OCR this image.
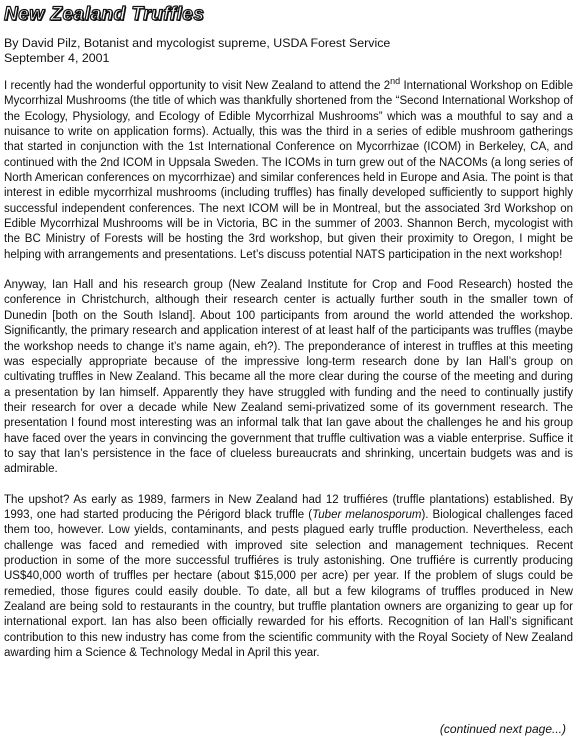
New Zealand Truffles

By David Pilz, Botanist and mycologist supreme, USDA Forest Service

September 4, 2001

I recently had the wonderful opportunity to visit New Zealand to attend the 2nd International Workshop on Edible Mycorrhizal Mushrooms (the title of which was thankfully shortened from the “Second International Workshop of the Ecology, Physiology, and Ecology of Edible Mycorrhizal Mushrooms” which was a mouthful to say and a nuisance to write on application forms). Actually, this was the third in a series of edible mushroom gatherings that started in conjunction with the 1st International Conference on Mycorrhizae (ICOM) in Berkeley, CA, and continued with the 2nd ICOM in Uppsala Sweden. The ICOMs in turn grew out of the NACOMs (a long series of North American conferences on mycorrhizae) and similar conferences held in Europe and Asia. The point is that interest in edible mycorrhizal mushrooms (including truffles) has finally developed sufficiently to support highly successful independent conferences. The next ICOM will be in Montreal, but the associated 3rd Workshop on Edible Mycorrhizal Mushrooms will be in Victoria, BC in the summer of 2003. Shannon Berch, mycologist with the BC Ministry of Forests will be hosting the 3rd workshop, but given their proximity to Oregon, I might be helping with arrangements and presentations. Let’s discuss potential NATS participation in the next workshop!

Anyway, Ian Hall and his research group (New Zealand Institute for Crop and Food Research) hosted the conference in Christchurch, although their research center is actually further south in the smaller town of Dunedin [both on the South Island]. About 100 participants from around the world attended the workshop. Significantly, the primary research and application interest of at least half of the participants was truffles (maybe the workshop needs to change it’s name again, eh?). The preponderance of interest in truffles at this meeting was especially appropriate because of the impressive long-term research done by Ian Hall’s group on cultivating truffles in New Zealand. This became all the more clear during the course of the meeting and during a presentation by Ian himself. Apparently they have struggled with funding and the need to continually justify their research for over a decade while New Zealand semi-privatized some of its government research. The presentation I found most interesting was an informal talk that Ian gave about the challenges he and his group have faced over the years in convincing the government that truffle cultivation was a viable enterprise. Suffice it to say that Ian’s persistence in the face of clueless bureaucrats and shrinking, uncertain budgets was and is admirable.

The upshot? As early as 1989, farmers in New Zealand had 12 truffiéres (truffle plantations) established. By 1993, one had started producing the Périgord black truffle (Tuber melanosporum). Biological challenges faced them too, however. Low yields, contaminants, and pests plagued early truffle production. Nevertheless, each challenge was faced and remedied with improved site selection and management techniques. Recent production in some of the more successful truffiéres is truly astonishing. One truffiére is currently producing US$40,000 worth of truffles per hectare (about $15,000 per acre) per year. If the problem of slugs could be remedied, those figures could easily double. To date, all but a few kilograms of truffles produced in New Zealand are being sold to restaurants in the country, but truffle plantation owners are organizing to gear up for international export. Ian has also been officially rewarded for his efforts. Recognition of Ian Hall’s significant contribution to this new industry has come from the scientific community with the Royal Society of New Zealand awarding him a Science & Technology Medal in April this year.

(continued next page...)
